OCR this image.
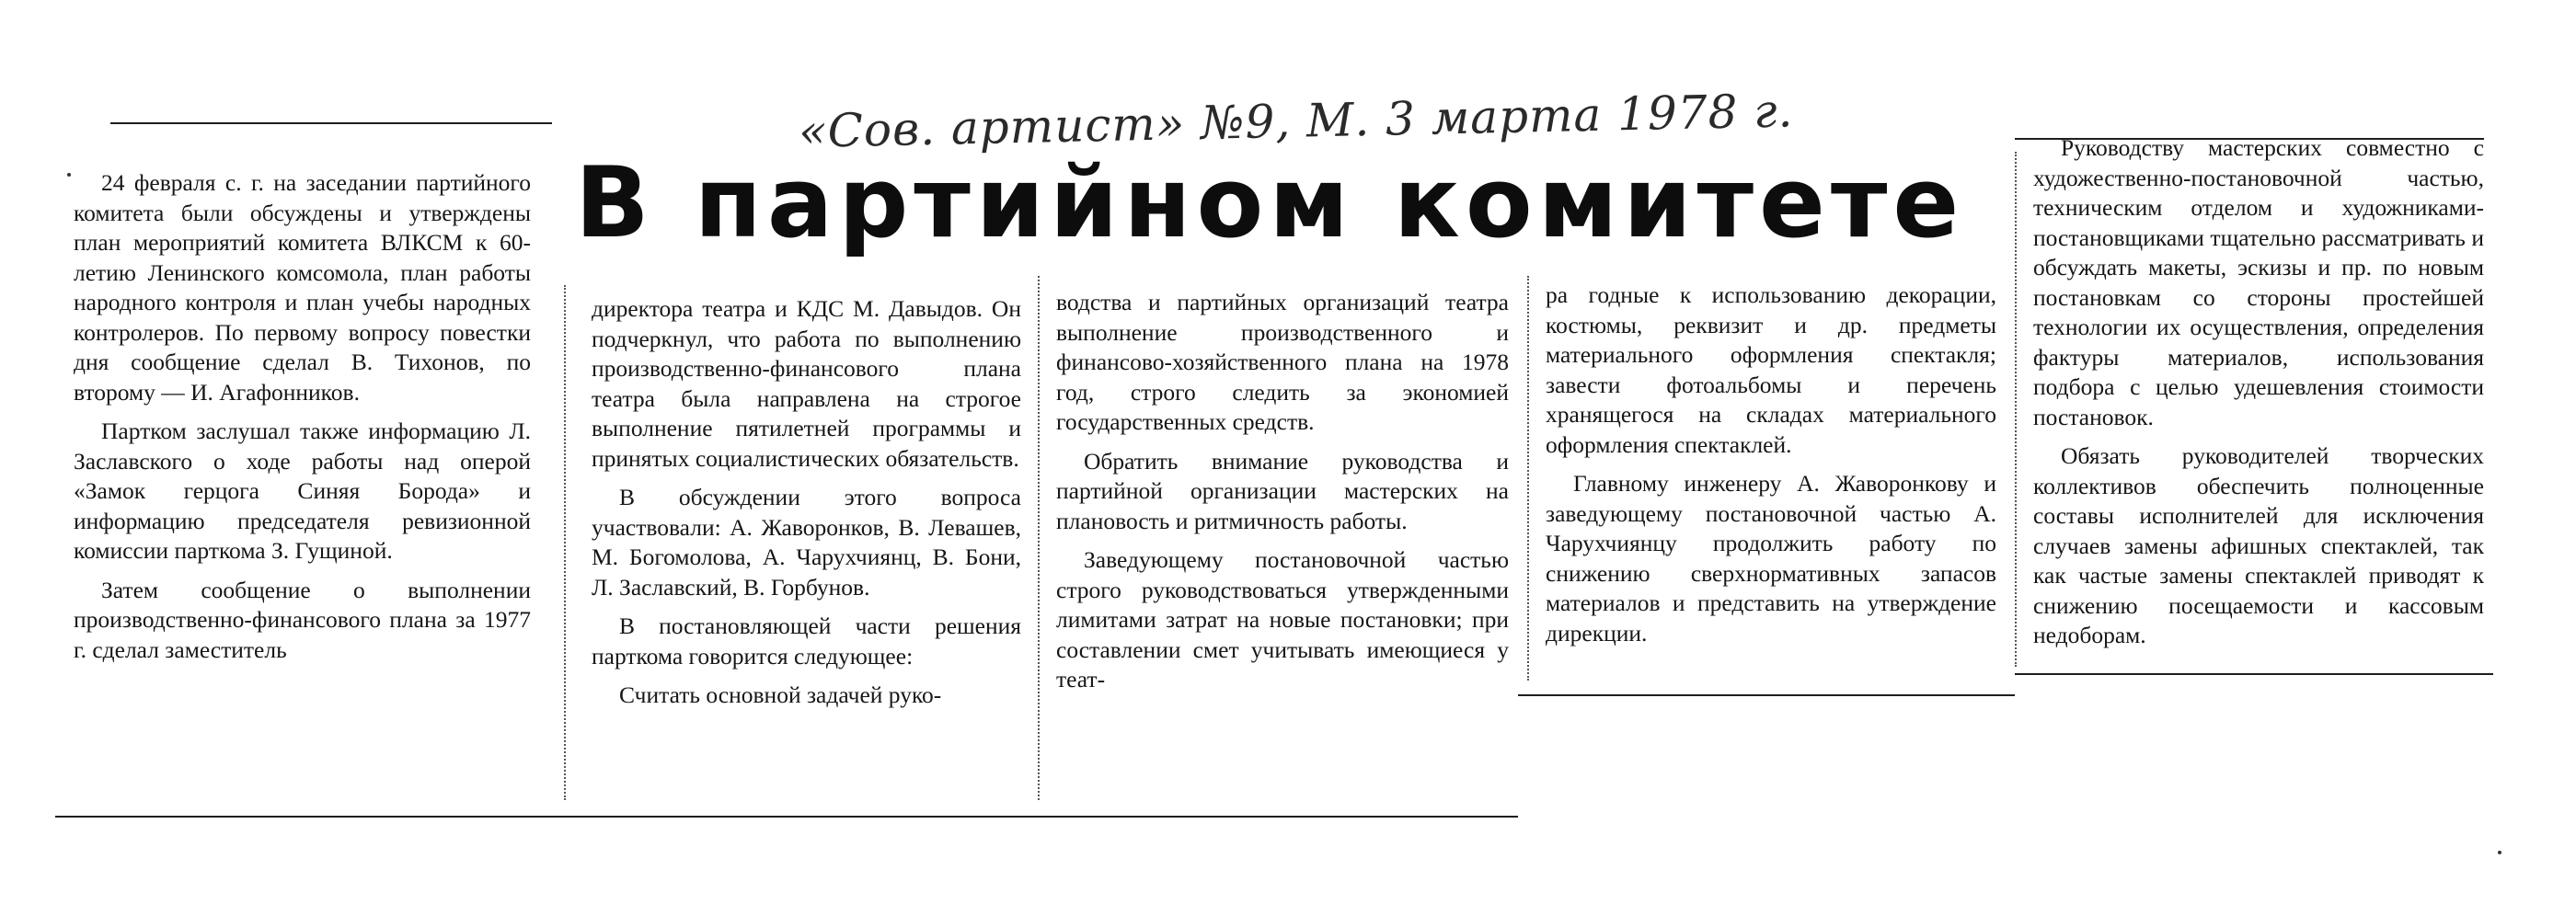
«Сов. артист» №9, М. 3 марта 1978 г.
В партийном комитете

24 февраля с. г. на заседании партийного комитета были обсуждены и утверждены план мероприятий комитета ВЛКСМ к 60-летию Ленинского комсомола, план работы народного контроля и план учебы народных контролеров. По первому вопросу повестки дня сообщение сделал В. Тихонов, по второму — И. Агафонников.

Партком заслушал также информацию Л. Заславского о ходе работы над оперой «Замок герцога Синяя Борода» и информацию председателя ревизионной комиссии парткома З. Гущиной.

Затем сообщение о выполнении производственно-финансового плана за 1977 г. сделал заместитель

директора театра и КДС М. Давыдов. Он подчеркнул, что работа по выполнению производственно-финансового плана театра была направлена на строгое выполнение пятилетней программы и принятых социалистических обязательств.

В обсуждении этого вопроса участвовали: А. Жаворонков, В. Левашев, М. Богомолова, А. Чарухчиянц, В. Бони, Л. Заславский, В. Горбунов.

В постановляющей части решения парткома говорится следующее:

Считать основной задачей руко-

водства и партийных организаций театра выполнение производственного и финансово-хозяйственного плана на 1978 год, строго следить за экономией государственных средств.

Обратить внимание руководства и партийной организации мастерских на плановость и ритмичность работы.

Заведующему постановочной частью строго руководствоваться утвержденными лимитами затрат на новые постановки; при составлении смет учитывать имеющиеся у теат-

ра годные к использованию декорации, костюмы, реквизит и др. предметы материального оформления спектакля; завести фотоальбомы и перечень хранящегося на складах материального оформления спектаклей.

Главному инженеру А. Жаворонкову и заведующему постановочной частью А. Чарухчиянцу продолжить работу по снижению сверхнормативных запасов материалов и представить на утверждение дирекции.

Руководству мастерских совместно с художественно-постановочной частью, техническим отделом и художниками-постановщиками тщательно рассматривать и обсуждать макеты, эскизы и пр. по новым постановкам со стороны простейшей технологии их осуществления, определения фактуры материалов, использования подбора с целью удешевления стоимости постановок.

Обязать руководителей творческих коллективов обеспечить полноценные составы исполнителей для исключения случаев замены афишных спектаклей, так как частые замены спектаклей приводят к снижению посещаемости и кассовым недоборам.
